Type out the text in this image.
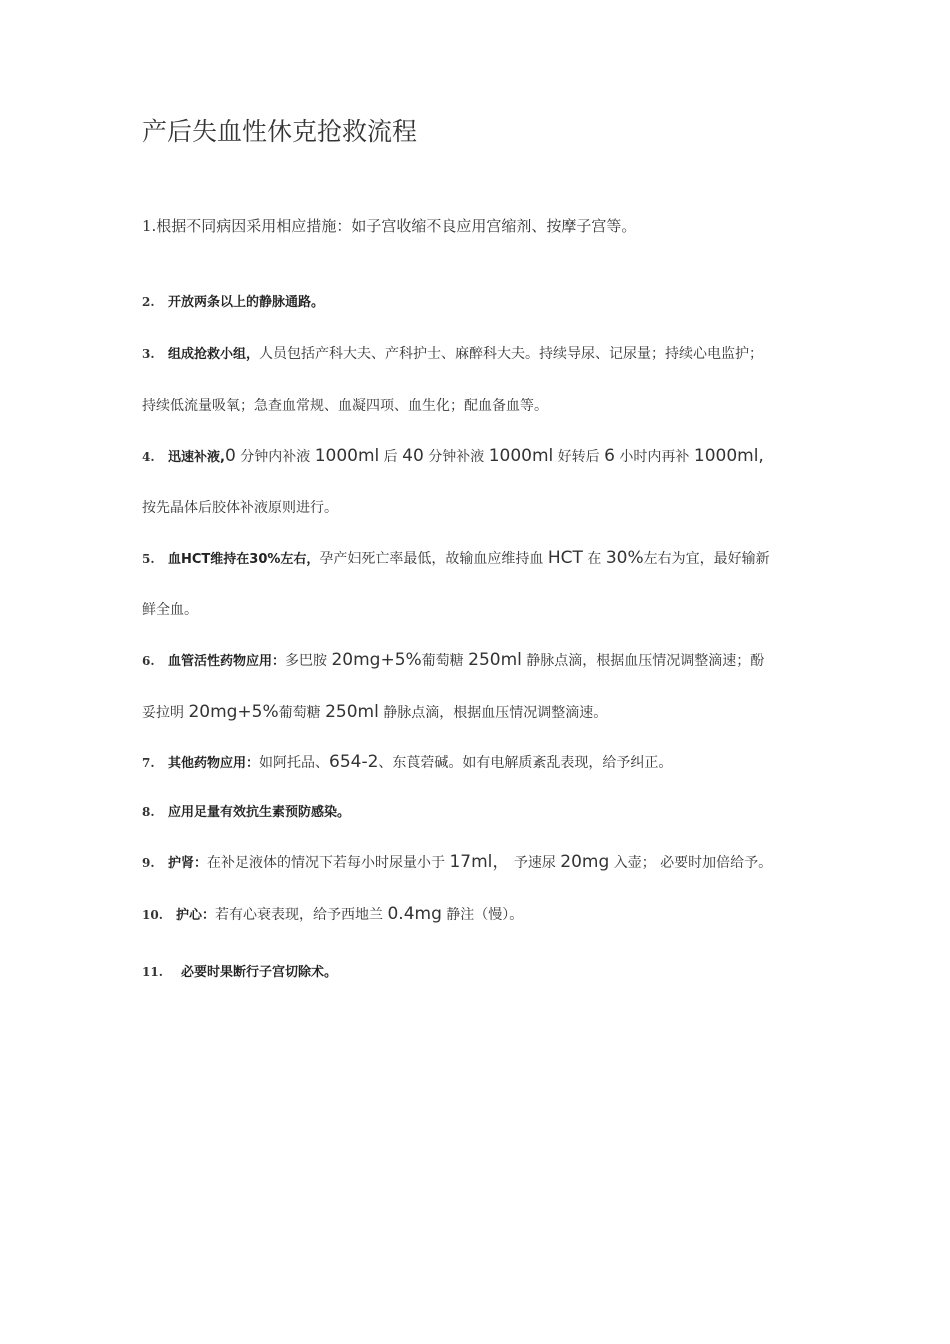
产后失血性休克抢救流程
1.根据不同病因采用相应措施：如子宫收缩不良应用宫缩剂、按摩子宫等。
2. 开放两条以上的静脉通路。
3. 组成抢救小组，人员包括产科大夫、产科护士、麻醉科大夫。持续导尿、记尿量；持续心电监护；
持续低流量吸氧；急查血常规、血凝四项、血生化；配血备血等。
4. 迅速补液,0 分钟内补液 1000ml 后 40 分钟补液 1000ml 好转后 6 小时内再补 1000ml,
按先晶体后胶体补液原则进行。
5. 血HCT维持在30%左右，孕产妇死亡率最低，故输血应维持血 HCT 在 30%左右为宜，最好输新
鲜全血。
6. 血管活性药物应用：多巴胺 20mg+5%葡萄糖 250ml 静脉点滴，根据血压情况调整滴速；酚
妥拉明 20mg+5%葡萄糖 250ml 静脉点滴，根据血压情况调整滴速。
7. 其他药物应用：如阿托品、654-2、东莨菪碱。如有电解质紊乱表现，给予纠正。
8. 应用足量有效抗生素预防感染。
9. 护肾：在补足液体的情况下若每小时尿量小于 17ml， 予速尿 20mg 入壶； 必要时加倍给予。
10. 护心：若有心衰表现，给予西地兰 0.4mg 静注（慢）。
11. 必要时果断行子宫切除术。
